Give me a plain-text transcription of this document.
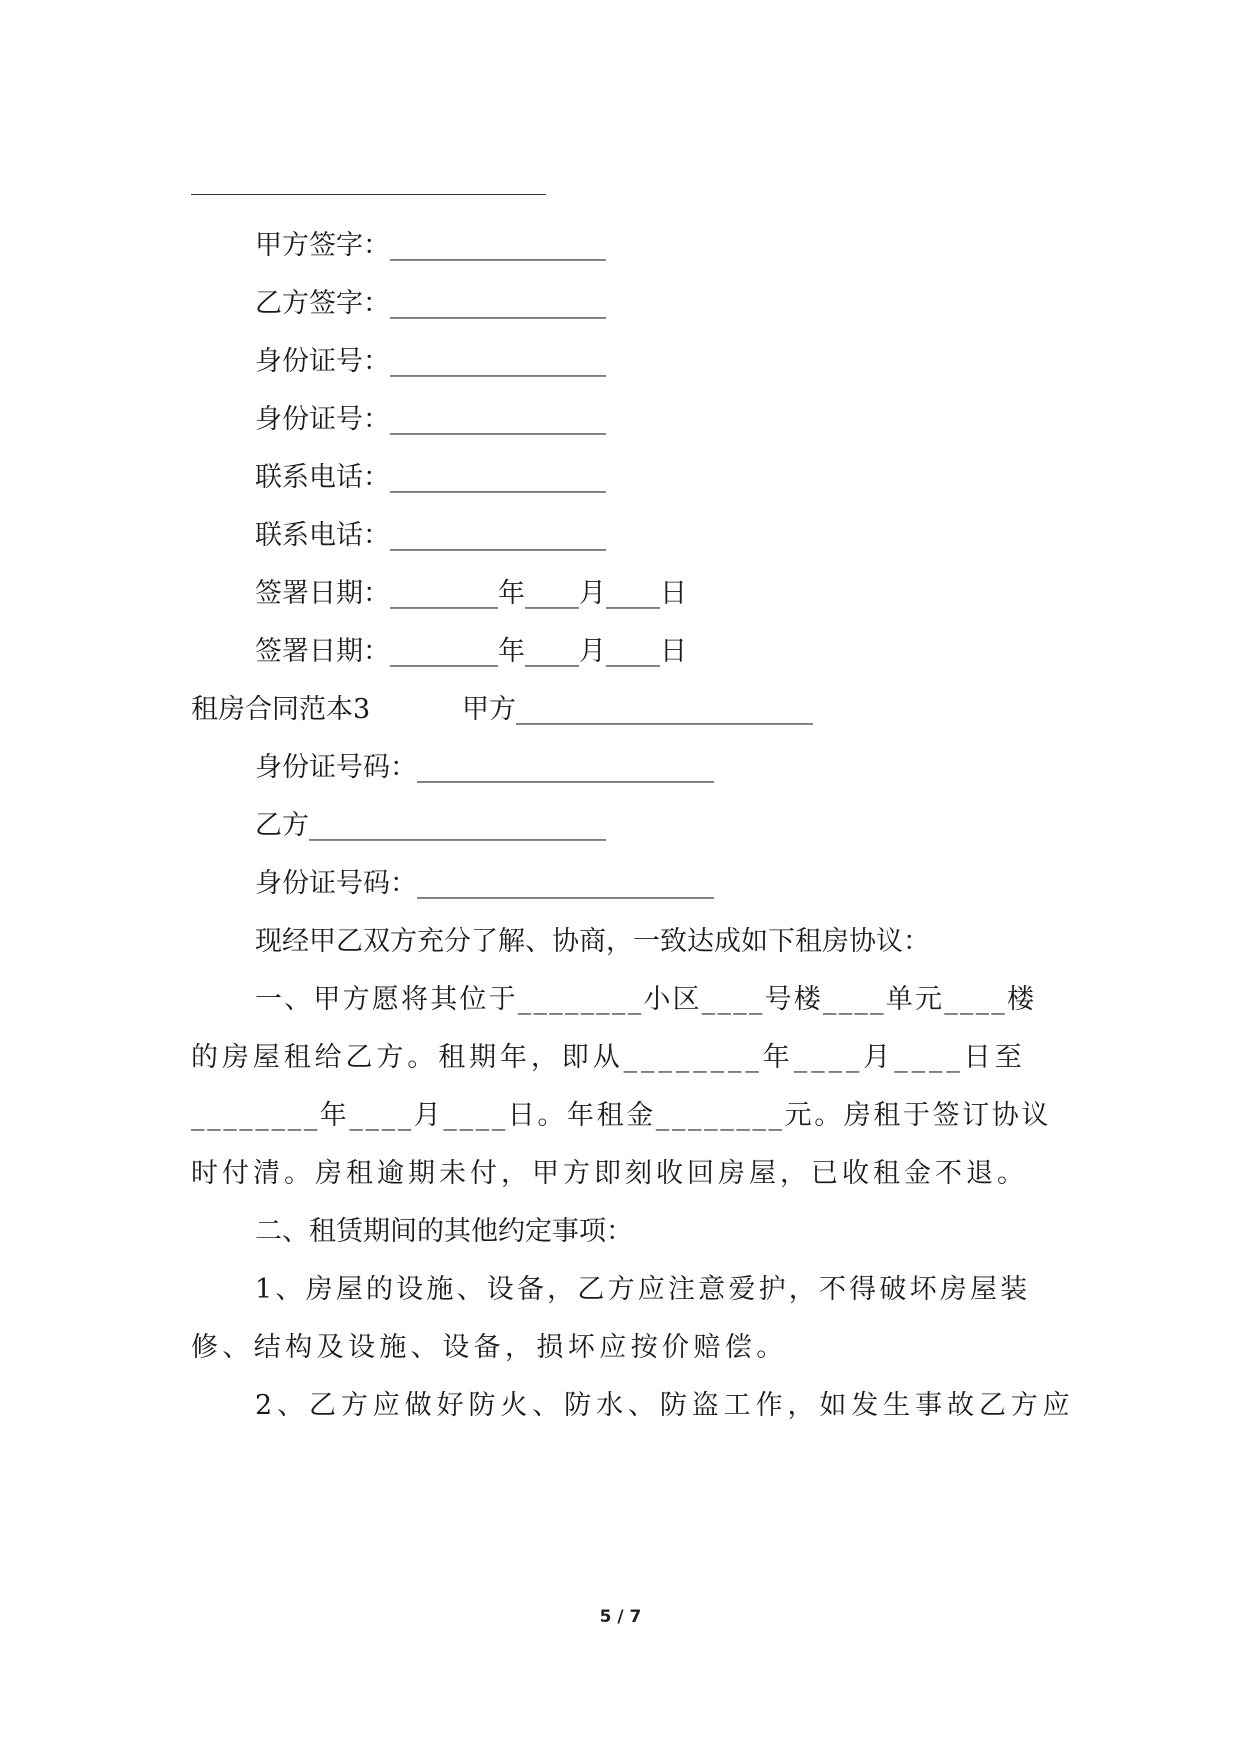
甲方签字：________________
乙方签字：________________
身份证号：________________
身份证号：________________
联系电话：________________
联系电话：________________
签署日期：________年____月____日
签署日期：________年____月____日
租房合同范本3	甲方______________________
身份证号码：______________________
乙方______________________
身份证号码：______________________
现经甲乙双方充分了解、协商，一致达成如下租房协议：
一、甲方愿将其位于________小区____号楼____单元____楼
的房屋租给乙方。租期年，即从________年____月____日至
________年____月____日。年租金________元。房租于签订协议
时付清。房租逾期未付，甲方即刻收回房屋，已收租金不退。
二、租赁期间的其他约定事项：
1、房屋的设施、设备，乙方应注意爱护，不得破坏房屋装
修、结构及设施、设备，损坏应按价赔偿。
2、乙方应做好防火、防水、防盗工作，如发生事故乙方应
5 / 7
